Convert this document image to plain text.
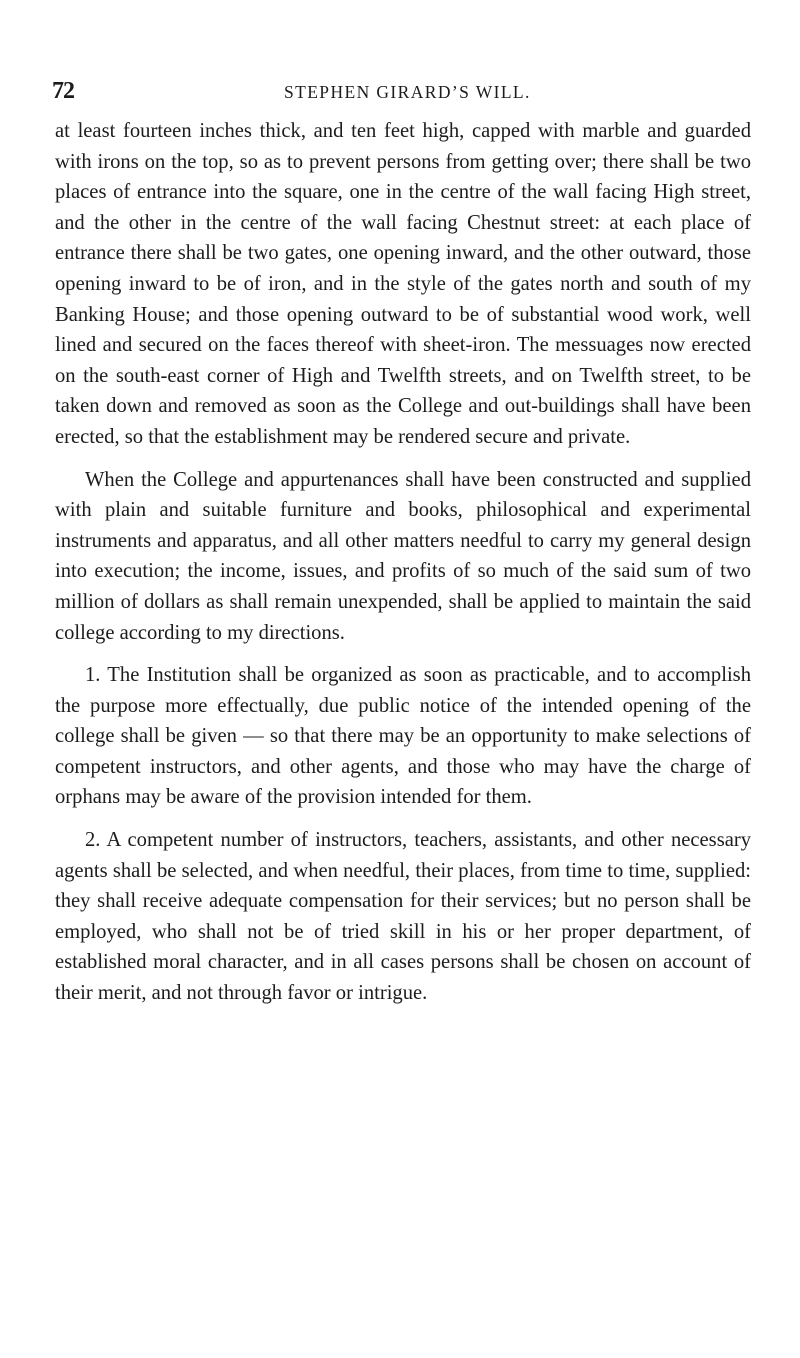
72	STEPHEN GIRARD’S WILL.

at least fourteen inches thick, and ten feet high, capped with marble and guarded with irons on the top, so as to prevent persons from getting over; there shall be two places of entrance into the square, one in the centre of the wall facing High street, and the other in the centre of the wall facing Chestnut street: at each place of entrance there shall be two gates, one opening inward, and the other outward, those opening inward to be of iron, and in the style of the gates north and south of my Banking House; and those opening outward to be of substantial wood work, well lined and secured on the faces thereof with sheet-iron. The messuages now erected on the south-east corner of High and Twelfth streets, and on Twelfth street, to be taken down and removed as soon as the College and out-buildings shall have been erected, so that the establishment may be rendered secure and private.

When the College and appurtenances shall have been constructed and supplied with plain and suitable furniture and books, philosophical and experimental instruments and apparatus, and all other matters needful to carry my general design into execution; the income, issues, and profits of so much of the said sum of two million of dollars as shall remain unexpended, shall be applied to maintain the said college according to my directions.

1. The Institution shall be organized as soon as practicable, and to accomplish the purpose more effectually, due public notice of the intended opening of the college shall be given — so that there may be an opportunity to make selections of competent instructors, and other agents, and those who may have the charge of orphans may be aware of the provision intended for them.

2. A competent number of instructors, teachers, assistants, and other necessary agents shall be selected, and when needful, their places, from time to time, supplied: they shall receive adequate compensation for their services; but no person shall be employed, who shall not be of tried skill in his or her proper department, of established moral character, and in all cases persons shall be chosen on account of their merit, and not through favor or intrigue.
